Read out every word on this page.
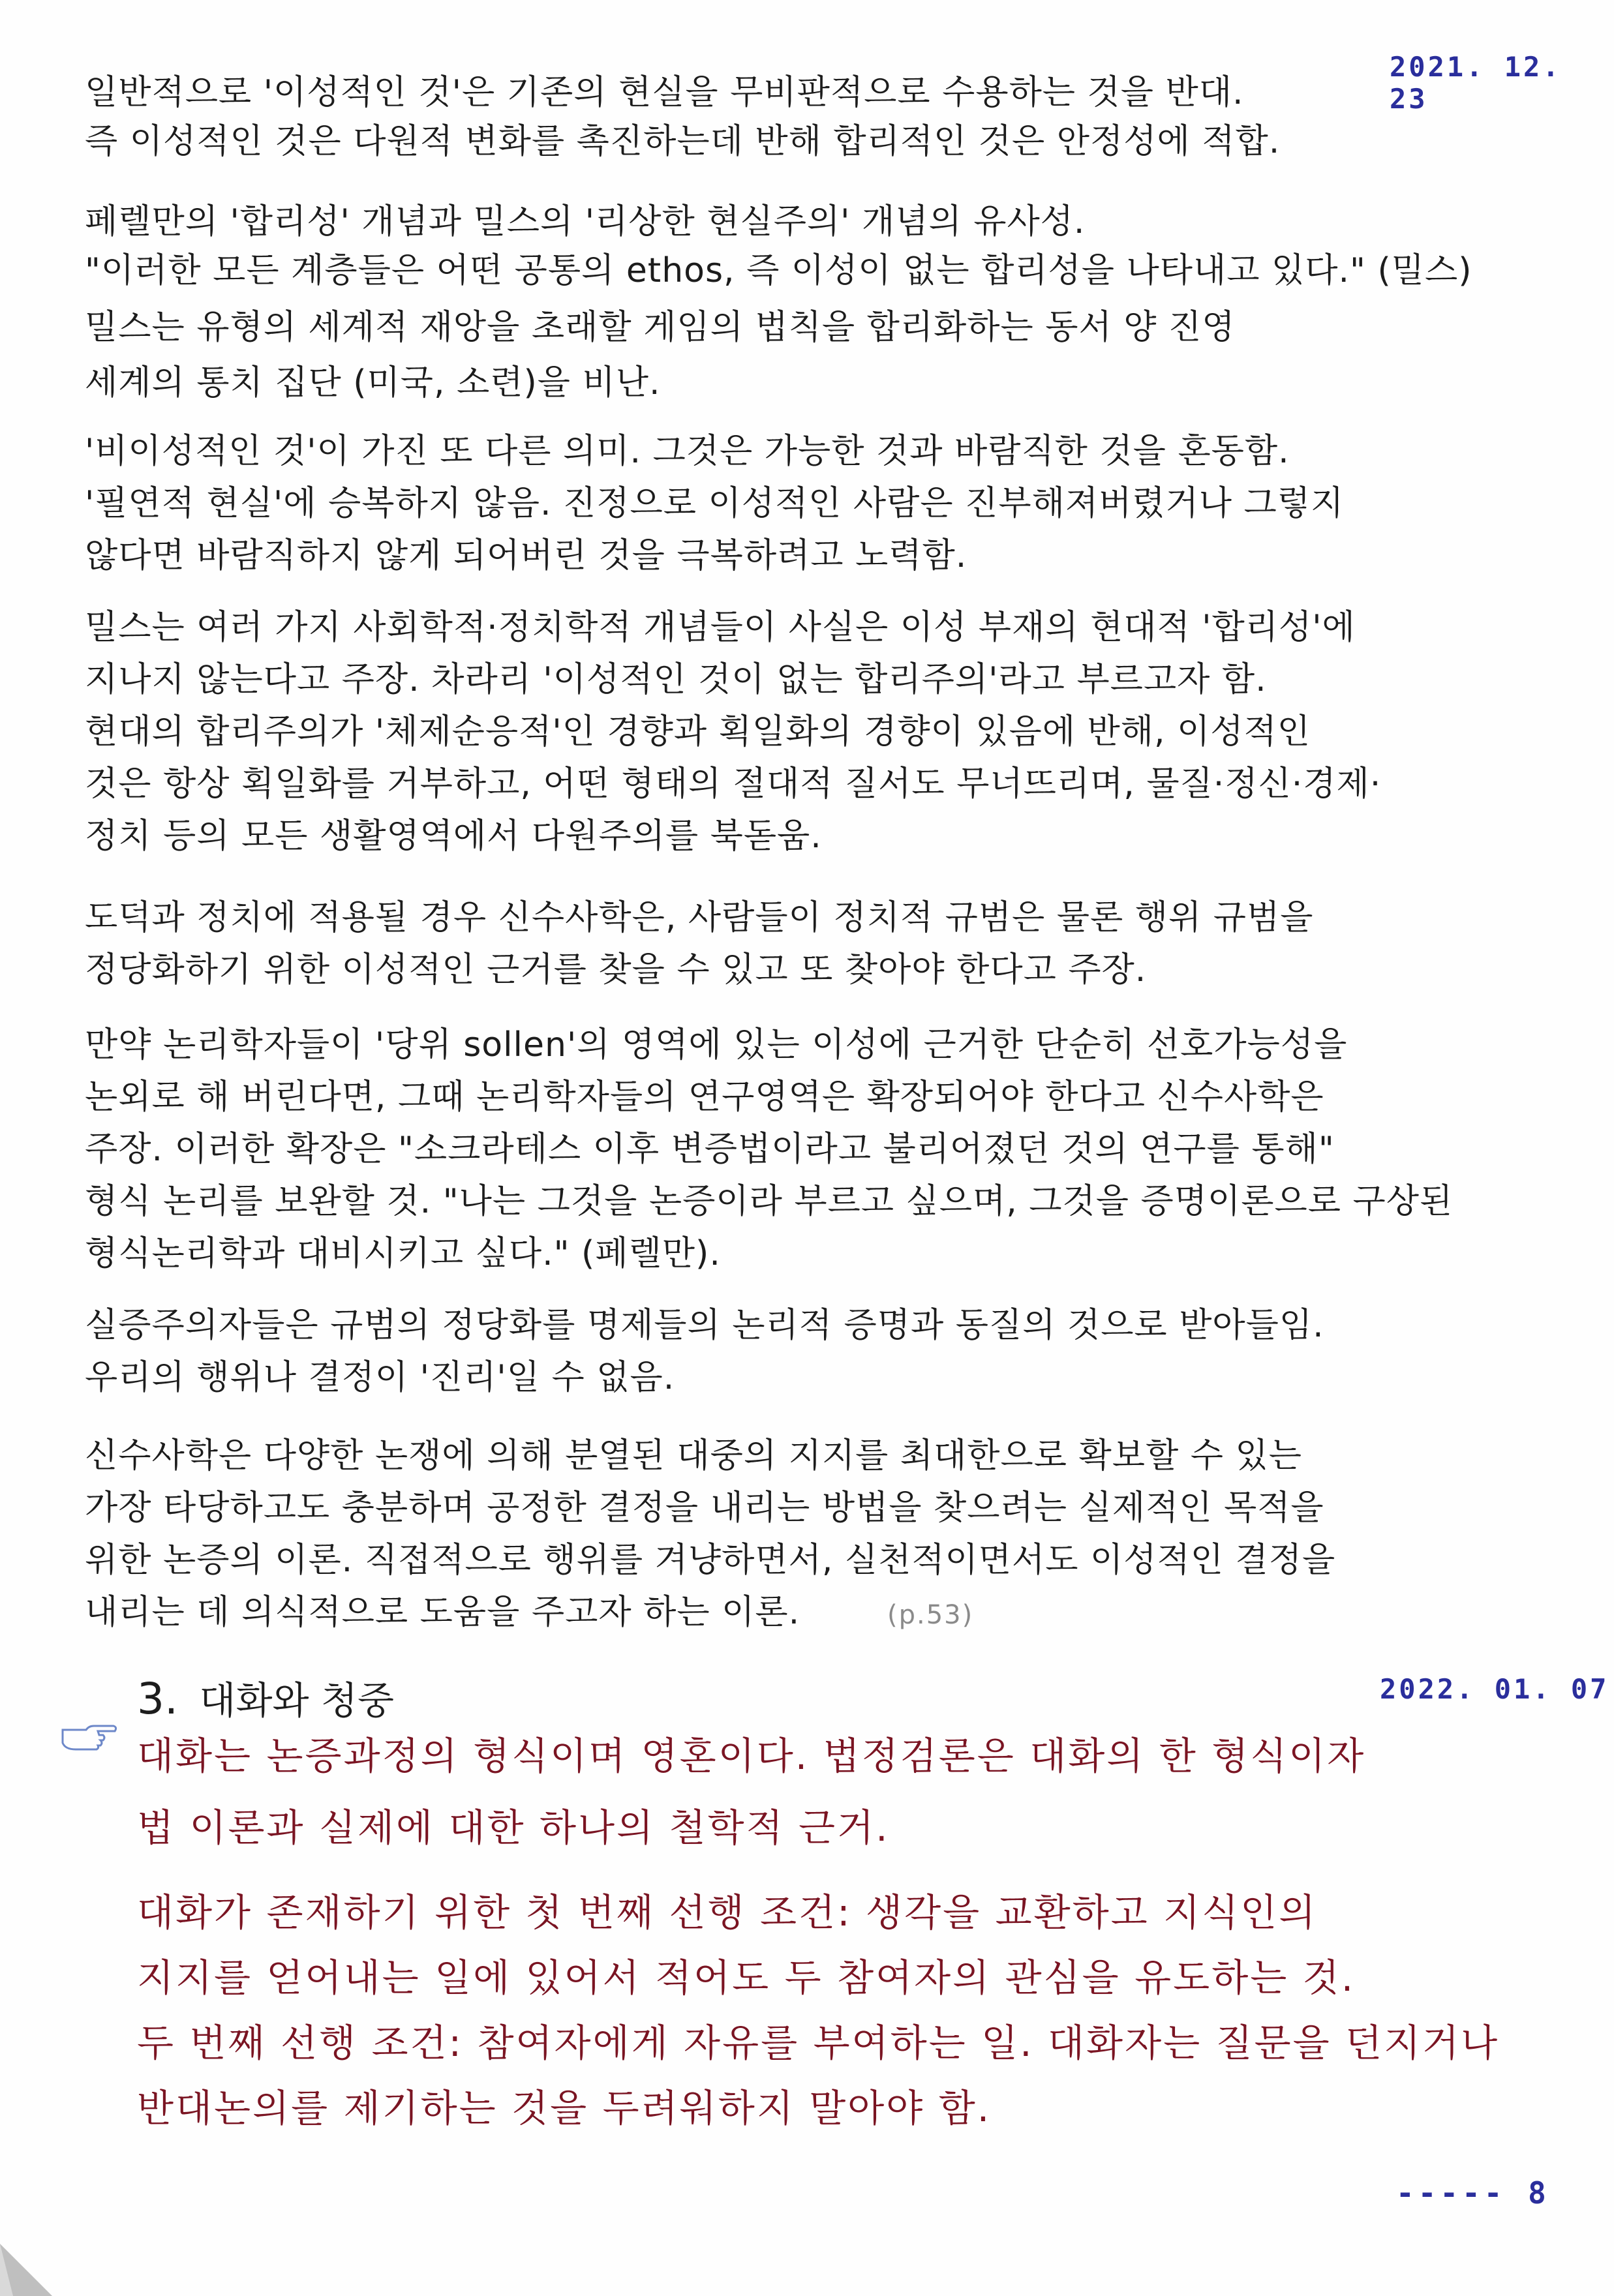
2021. 12. 23
일반적으로 '이성적인 것'은 기존의 현실을 무비판적으로 수용하는 것을 반대.
즉 이성적인 것은 다원적 변화를 촉진하는데 반해 합리적인 것은 안정성에 적합.
페렐만의 '합리성' 개념과 밀스의 '리상한 현실주의' 개념의 유사성.
"이러한 모든 계층들은 어떤 공통의 ethos, 즉 이성이 없는 합리성을 나타내고 있다." (밀스)
밀스는 유형의 세계적 재앙을 초래할 게임의 법칙을 합리화하는 동서 양 진영
세계의 통치 집단 (미국, 소련)을 비난.
'비이성적인 것'이 가진 또 다른 의미. 그것은 가능한 것과 바람직한 것을 혼동함.
'필연적 현실'에 승복하지 않음. 진정으로 이성적인 사람은 진부해져버렸거나 그렇지
않다면 바람직하지 않게 되어버린 것을 극복하려고 노력함.
밀스는 여러 가지 사회학적·정치학적 개념들이 사실은 이성 부재의 현대적 '합리성'에
지나지 않는다고 주장. 차라리 '이성적인 것이 없는 합리주의'라고 부르고자 함.
현대의 합리주의가 '체제순응적'인 경향과 획일화의 경향이 있음에 반해, 이성적인
것은 항상 획일화를 거부하고, 어떤 형태의 절대적 질서도 무너뜨리며, 물질·정신·경제·
정치 등의 모든 생활영역에서 다원주의를 북돋움.
도덕과 정치에 적용될 경우 신수사학은, 사람들이 정치적 규범은 물론 행위 규범을
정당화하기 위한 이성적인 근거를 찾을 수 있고 또 찾아야 한다고 주장.
만약 논리학자들이 '당위 sollen'의 영역에 있는 이성에 근거한 단순히 선호가능성을
논외로 해 버린다면, 그때 논리학자들의 연구영역은 확장되어야 한다고 신수사학은
주장. 이러한 확장은 "소크라테스 이후 변증법이라고 불리어졌던 것의 연구를 통해"
형식 논리를 보완할 것. "나는 그것을 논증이라 부르고 싶으며, 그것을 증명이론으로 구상된
형식논리학과 대비시키고 싶다." (페렐만).
실증주의자들은 규범의 정당화를 명제들의 논리적 증명과 동질의 것으로 받아들임.
우리의 행위나 결정이 '진리'일 수 없음.
신수사학은 다양한 논쟁에 의해 분열된 대중의 지지를 최대한으로 확보할 수 있는
가장 타당하고도 충분하며 공정한 결정을 내리는 방법을 찾으려는 실제적인 목적을
위한 논증의 이론. 직접적으로 행위를 겨냥하면서, 실천적이면서도 이성적인 결정을
내리는 데 의식적으로 도움을 주고자 하는 이론.	(p.53)
3. 대화와 청중	2022. 01. 07
대화는 논증과정의 형식이며 영혼이다. 법정검론은 대화의 한 형식이자
법 이론과 실제에 대한 하나의 철학적 근거.
대화가 존재하기 위한 첫 번째 선행 조건: 생각을 교환하고 지식인의
지지를 얻어내는 일에 있어서 적어도 두 참여자의 관심을 유도하는 것.
두 번째 선행 조건: 참여자에게 자유를 부여하는 일. 대화자는 질문을 던지거나
반대논의를 제기하는 것을 두려워하지 말아야 함.
----- 8
